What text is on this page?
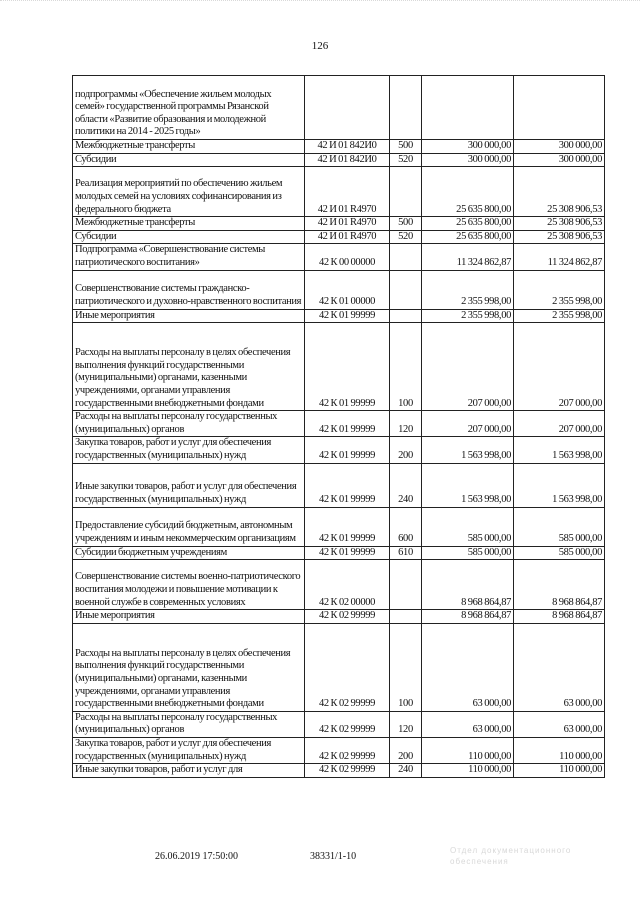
126
подпрограммы «Обеспечение жильем молодых семей» государственной программы Рязанской области «Развитие образования и молодежной политики на 2014 - 2025 годы»				
Межбюджетные трансферты	42 И 01 842И0	500	300 000,00	300 000,00
Субсидии	42 И 01 842И0	520	300 000,00	300 000,00
Реализация мероприятий по обеспечению жильем молодых семей на условиях софинансирования из федерального бюджета	42 И 01 R4970		25 635 800,00	25 308 906,53
Межбюджетные трансферты	42 И 01 R4970	500	25 635 800,00	25 308 906,53
Субсидии	42 И 01 R4970	520	25 635 800,00	25 308 906,53
Подпрограмма «Совершенствование системы патриотического воспитания»	42 К 00 00000		11 324 862,87	11 324 862,87
Совершенствование системы гражданско-патриотического и духовно-нравственного воспитания	42 К 01 00000		2 355 998,00	2 355 998,00
Иные мероприятия	42 К 01 99999		2 355 998,00	2 355 998,00
Расходы на выплаты персоналу в целях обеспечения выполнения функций государственными (муниципальными) органами, казенными учреждениями, органами управления государственными внебюджетными фондами	42 К 01 99999	100	207 000,00	207 000,00
Расходы на выплаты персоналу государственных (муниципальных) органов	42 К 01 99999	120	207 000,00	207 000,00
Закупка товаров, работ и услуг для обеспечения государственных (муниципальных) нужд	42 К 01 99999	200	1 563 998,00	1 563 998,00
Иные закупки товаров, работ и услуг для обеспечения государственных (муниципальных) нужд	42 К 01 99999	240	1 563 998,00	1 563 998,00
Предоставление субсидий бюджетным, автономным учреждениям и иным некоммерческим организациям	42 К 01 99999	600	585 000,00	585 000,00
Субсидии бюджетным учреждениям	42 К 01 99999	610	585 000,00	585 000,00
Совершенствование системы военно-патриотического воспитания молодежи и повышение мотивации к военной службе в современных условиях	42 К 02 00000		8 968 864,87	8 968 864,87
Иные мероприятия	42 К 02 99999		8 968 864,87	8 968 864,87
Расходы на выплаты персоналу в целях обеспечения выполнения функций государственными (муниципальными) органами, казенными учреждениями, органами управления государственными внебюджетными фондами	42 К 02 99999	100	63 000,00	63 000,00
Расходы на выплаты персоналу государственных (муниципальных) органов	42 К 02 99999	120	63 000,00	63 000,00
Закупка товаров, работ и услуг для обеспечения государственных (муниципальных) нужд	42 К 02 99999	200	110 000,00	110 000,00
Иные закупки товаров, работ и услуг для	42 К 02 99999	240	110 000,00	110 000,00
26.06.2019 17:50:00	38331/1-10
Отдел документационного обеспечения
